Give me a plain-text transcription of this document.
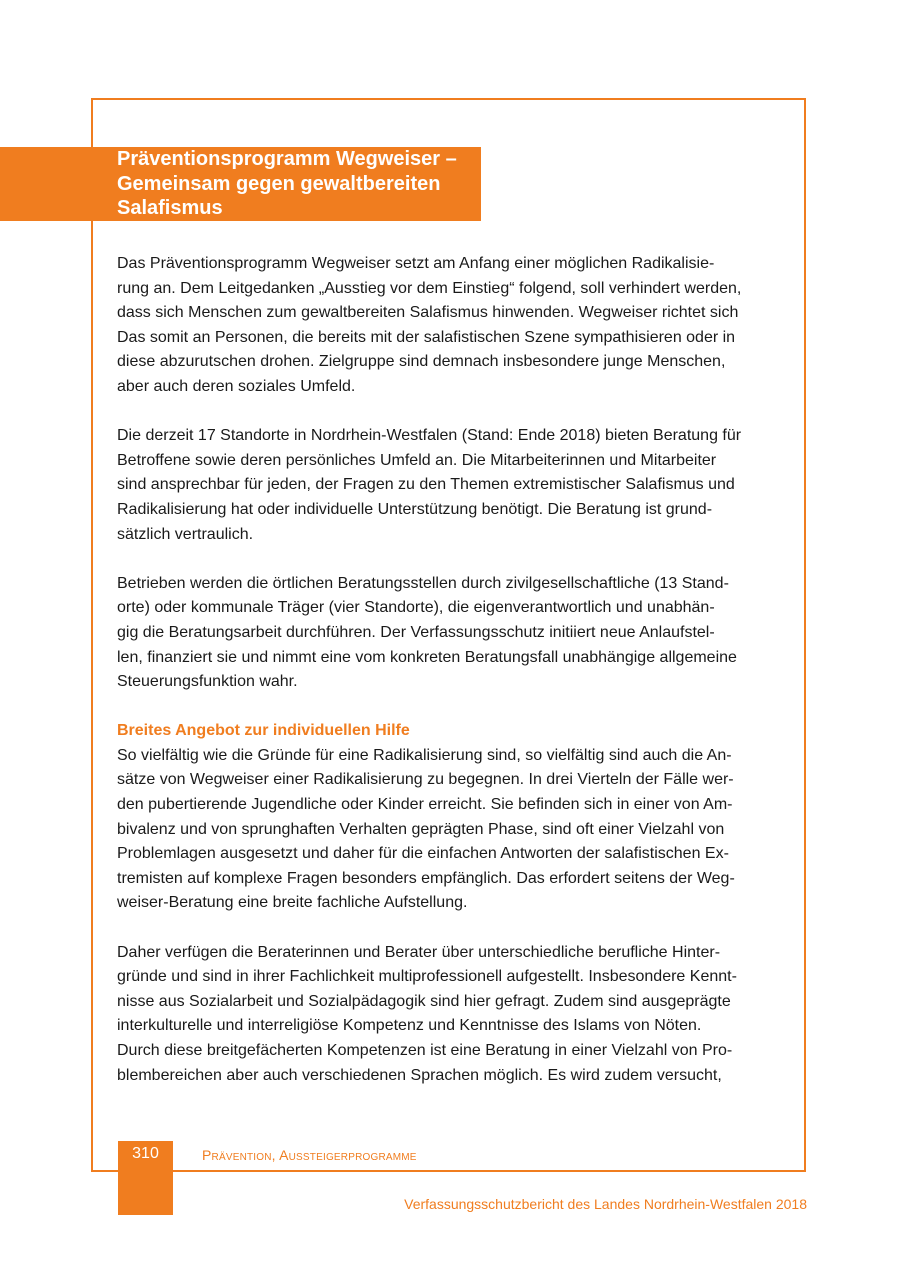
Präventionsprogramm Wegweiser –
Gemeinsam gegen gewaltbereiten
Salafismus

Das Präventionsprogramm Wegweiser setzt am Anfang einer möglichen Radikalisie-
rung an. Dem Leitgedanken „Ausstieg vor dem Einstieg“ folgend, soll verhindert werden,
dass sich Menschen zum gewaltbereiten Salafismus hinwenden. Wegweiser richtet sich
Das somit an Personen, die bereits mit der salafistischen Szene sympathisieren oder in
diese abzurutschen drohen. Zielgruppe sind demnach insbesondere junge Menschen,
aber auch deren soziales Umfeld.

Die derzeit 17 Standorte in Nordrhein-Westfalen (Stand: Ende 2018) bieten Beratung für
Betroffene sowie deren persönliches Umfeld an. Die Mitarbeiterinnen und Mitarbeiter
sind ansprechbar für jeden, der Fragen zu den Themen extremistischer Salafismus und
Radikalisierung hat oder individuelle Unterstützung benötigt. Die Beratung ist grund-
sätzlich vertraulich.

Betrieben werden die örtlichen Beratungsstellen durch zivilgesellschaftliche (13 Stand-
orte) oder kommunale Träger (vier Standorte), die eigenverantwortlich und unabhän-
gig die Beratungsarbeit durchführen. Der Verfassungsschutz initiiert neue Anlaufstel-
len, finanziert sie und nimmt eine vom konkreten Beratungsfall unabhängige allgemeine
Steuerungsfunktion wahr.

Breites Angebot zur individuellen Hilfe

So vielfältig wie die Gründe für eine Radikalisierung sind, so vielfältig sind auch die An-
sätze von Wegweiser einer Radikalisierung zu begegnen. In drei Vierteln der Fälle wer-
den pubertierende Jugendliche oder Kinder erreicht. Sie befinden sich in einer von Am-
bivalenz und von sprunghaften Verhalten geprägten Phase, sind oft einer Vielzahl von
Problemlagen ausgesetzt und daher für die einfachen Antworten der salafistischen Ex-
tremisten auf komplexe Fragen besonders empfänglich. Das erfordert seitens der Weg-
weiser-Beratung eine breite fachliche Aufstellung.

Daher verfügen die Beraterinnen und Berater über unterschiedliche berufliche Hinter-
gründe und sind in ihrer Fachlichkeit multiprofessionell aufgestellt. Insbesondere Kennt-
nisse aus Sozialarbeit und Sozialpädagogik sind hier gefragt. Zudem sind ausgeprägte
interkulturelle und interreligiöse Kompetenz und Kenntnisse des Islams von Nöten.
Durch diese breitgefächerten Kompetenzen ist eine Beratung in einer Vielzahl von Pro-
blembereichen aber auch verschiedenen Sprachen möglich. Es wird zudem versucht,

310	Prävention, Aussteigerprogramme
Verfassungsschutzbericht des Landes Nordrhein-Westfalen 2018
